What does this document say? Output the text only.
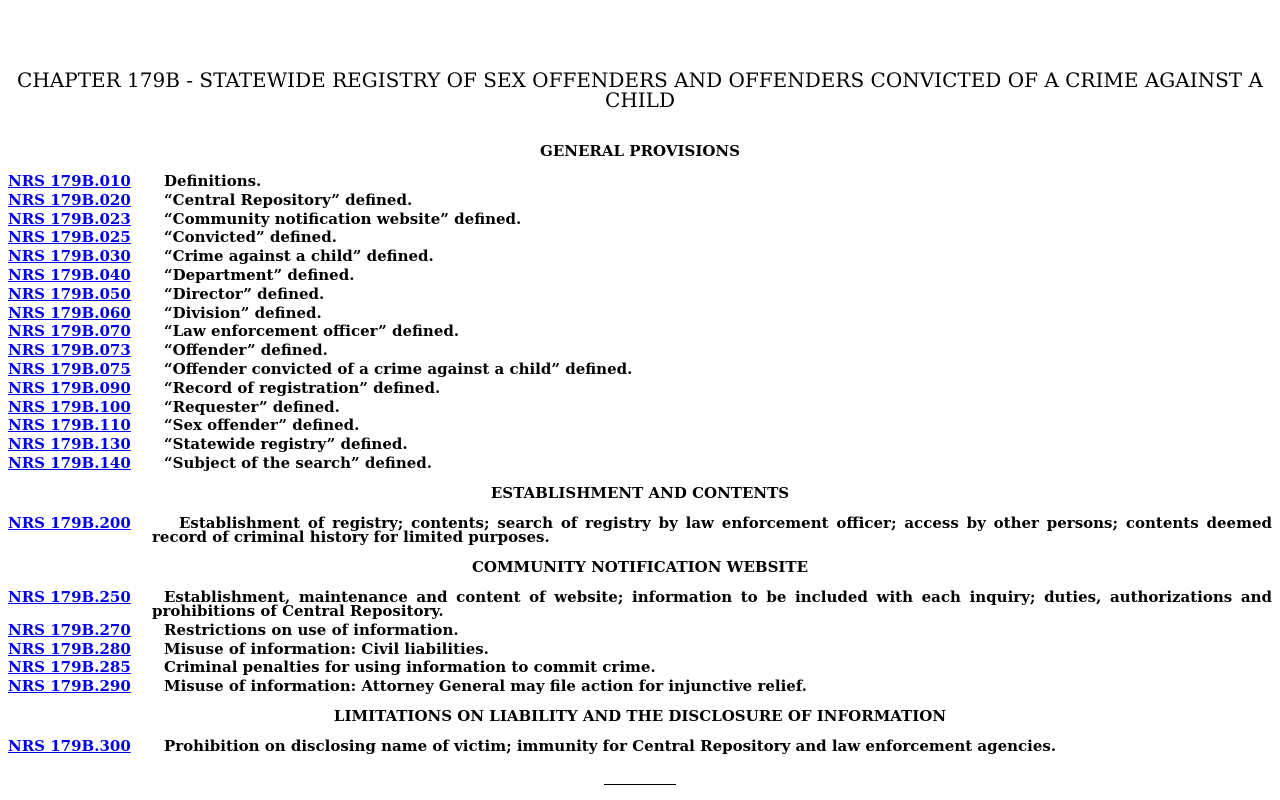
CHAPTER 179B - STATEWIDE REGISTRY OF SEX OFFENDERS AND OFFENDERS CONVICTED OF A CRIME AGAINST A CHILD
GENERAL PROVISIONS
NRS 179B.010 Definitions.
NRS 179B.020 “Central Repository” defined.
NRS 179B.023 “Community notification website” defined.
NRS 179B.025 “Convicted” defined.
NRS 179B.030 “Crime against a child” defined.
NRS 179B.040 “Department” defined.
NRS 179B.050 “Director” defined.
NRS 179B.060 “Division” defined.
NRS 179B.070 “Law enforcement officer” defined.
NRS 179B.073 “Offender” defined.
NRS 179B.075 “Offender convicted of a crime against a child” defined.
NRS 179B.090 “Record of registration” defined.
NRS 179B.100 “Requester” defined.
NRS 179B.110 “Sex offender” defined.
NRS 179B.130 “Statewide registry” defined.
NRS 179B.140 “Subject of the search” defined.
ESTABLISHMENT AND CONTENTS
NRS 179B.200	Establishment of registry; contents; search of registry by law enforcement officer; access by other persons; contents deemed record of criminal history for limited purposes.
COMMUNITY NOTIFICATION WEBSITE
NRS 179B.250	Establishment, maintenance and content of website; information to be included with each inquiry; duties, authorizations and prohibitions of Central Repository.
NRS 179B.270 Restrictions on use of information.
NRS 179B.280 Misuse of information: Civil liabilities.
NRS 179B.285 Criminal penalties for using information to commit crime.
NRS 179B.290 Misuse of information: Attorney General may file action for injunctive relief.
LIMITATIONS ON LIABILITY AND THE DISCLOSURE OF INFORMATION
NRS 179B.300 Prohibition on disclosing name of victim; immunity for Central Repository and law enforcement agencies.
